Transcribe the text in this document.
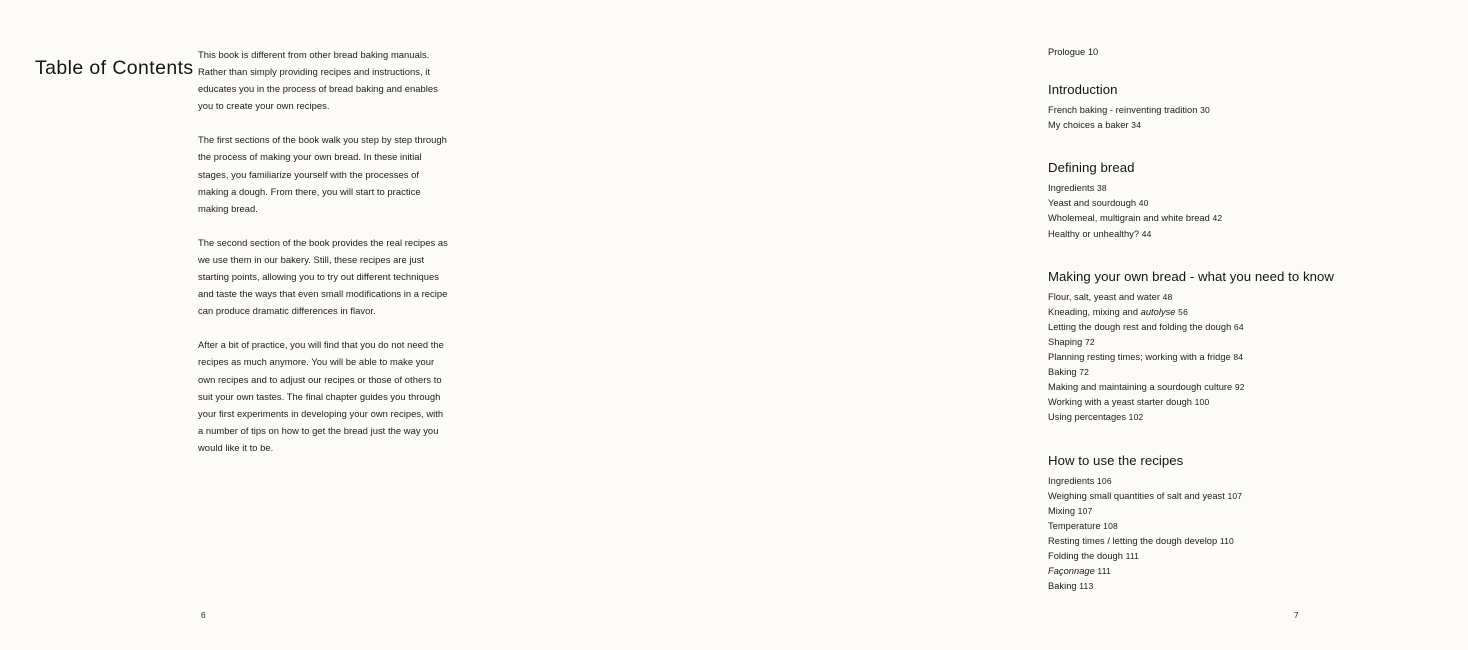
Table of Contents

This book is different from other bread baking manuals. Rather than simply providing recipes and instructions, it educates you in the process of bread baking and enables you to create your own recipes.

The first sections of the book walk you step by step through the process of making your own bread. In these initial stages, you familiarize yourself with the processes of making a dough. From there, you will start to practice making bread.

The second section of the book provides the real recipes as we use them in our bakery. Still, these recipes are just starting points, allowing you to try out different techniques and taste the ways that even small modifications in a recipe can produce dramatic differences in flavor.

After a bit of practice, you will find that you do not need the recipes as much anymore. You will be able to make your own recipes and to adjust our recipes or those of others to suit your own tastes. The final chapter guides you through your first experiments in developing your own recipes, with a number of tips on how to get the bread just the way you would like it to be.

6
Prologue 10
Introduction
French baking - reinventing tradition 30
My choices a baker 34
Defining bread
Ingredients 38
Yeast and sourdough 40
Wholemeal, multigrain and white bread 42
Healthy or unhealthy? 44
Making your own bread - what you need to know
Flour, salt, yeast and water 48
Kneading, mixing and autolyse 56
Letting the dough rest and folding the dough 64
Shaping 72
Planning resting times; working with a fridge 84
Baking 72
Making and maintaining a sourdough culture 92
Working with a yeast starter dough 100
Using percentages 102
How to use the recipes
Ingredients 106
Weighing small quantities of salt and yeast 107
Mixing 107
Temperature 108
Resting times / letting the dough develop 110
Folding the dough 111
Façonnage 111
Baking 113
7
